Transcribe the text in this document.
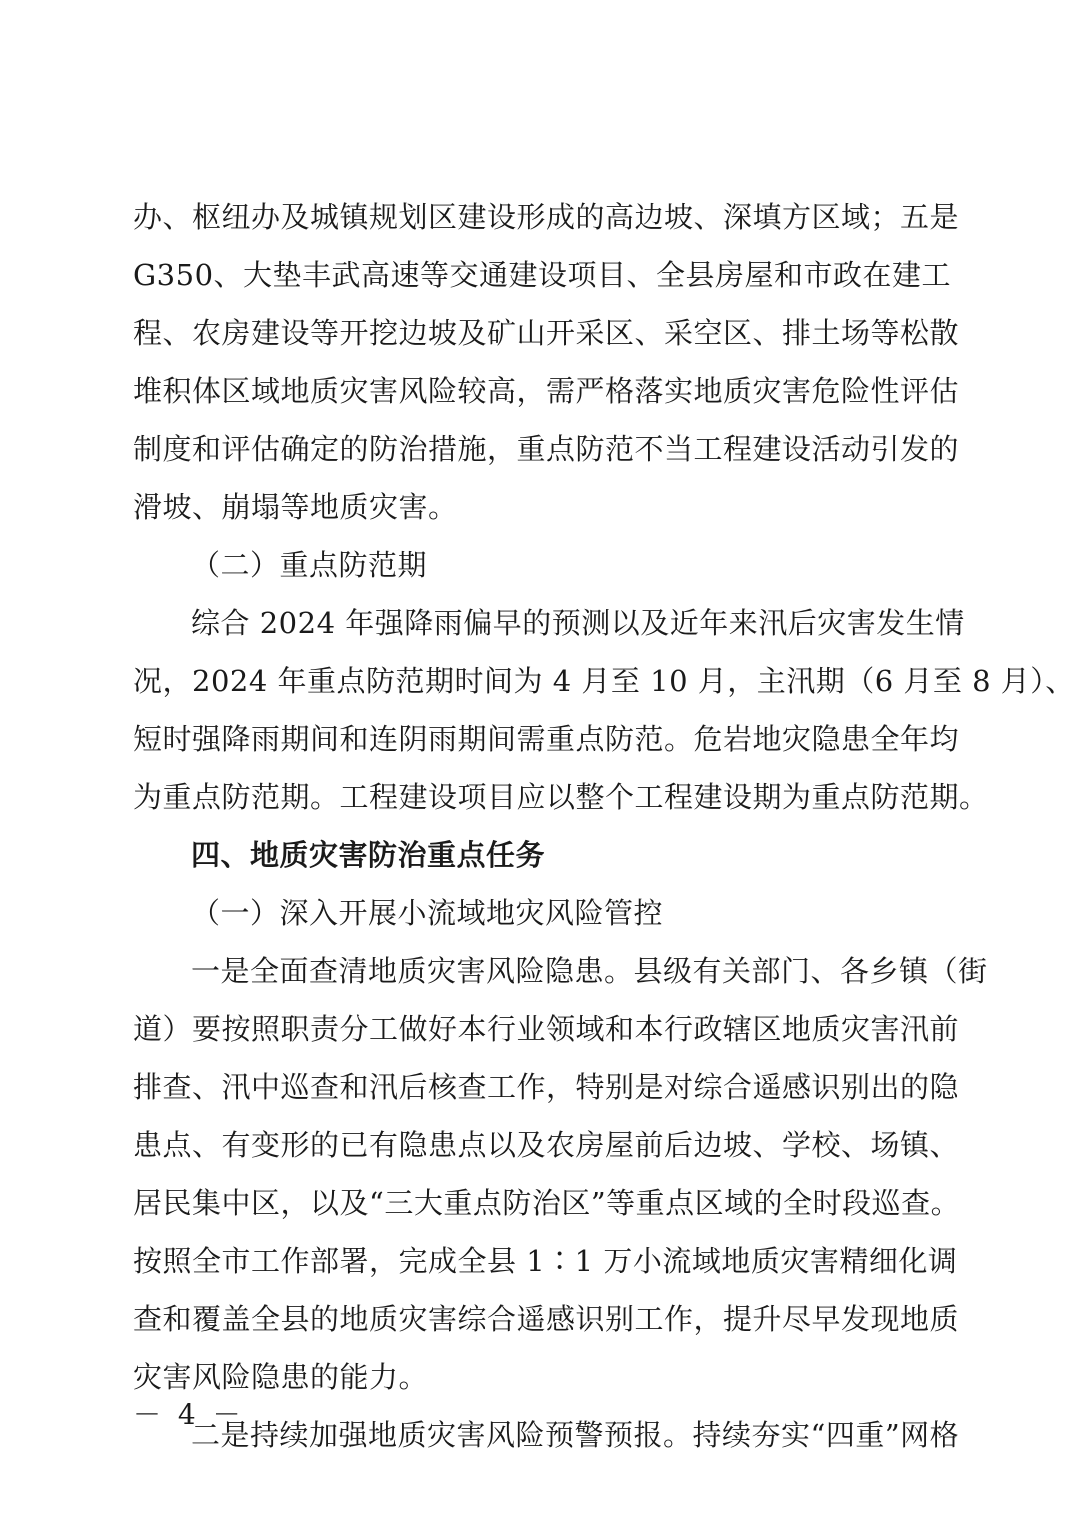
办、枢纽办及城镇规划区建设形成的高边坡、深填方区域；五是
G350、大垫丰武高速等交通建设项目、全县房屋和市政在建工
程、农房建设等开挖边坡及矿山开采区、采空区、排土场等松散
堆积体区域地质灾害风险较高，需严格落实地质灾害危险性评估
制度和评估确定的防治措施，重点防范不当工程建设活动引发的
滑坡、崩塌等地质灾害。
（二）重点防范期
综合 2024 年强降雨偏早的预测以及近年来汛后灾害发生情
况，2024 年重点防范期时间为 4 月至 10 月，主汛期（6 月至 8 月）、
短时强降雨期间和连阴雨期间需重点防范。危岩地灾隐患全年均
为重点防范期。工程建设项目应以整个工程建设期为重点防范期。
四、地质灾害防治重点任务
（一）深入开展小流域地灾风险管控
一是全面查清地质灾害风险隐患。县级有关部门、各乡镇（街
道）要按照职责分工做好本行业领域和本行政辖区地质灾害汛前
排查、汛中巡查和汛后核查工作，特别是对综合遥感识别出的隐
患点、有变形的已有隐患点以及农房屋前后边坡、学校、场镇、
居民集中区，以及“三大重点防治区”等重点区域的全时段巡查。
按照全市工作部署，完成全县 1∶1 万小流域地质灾害精细化调
查和覆盖全县的地质灾害综合遥感识别工作，提升尽早发现地质
灾害风险隐患的能力。
二是持续加强地质灾害风险预警预报。持续夯实“四重”网格
－ 4 －
